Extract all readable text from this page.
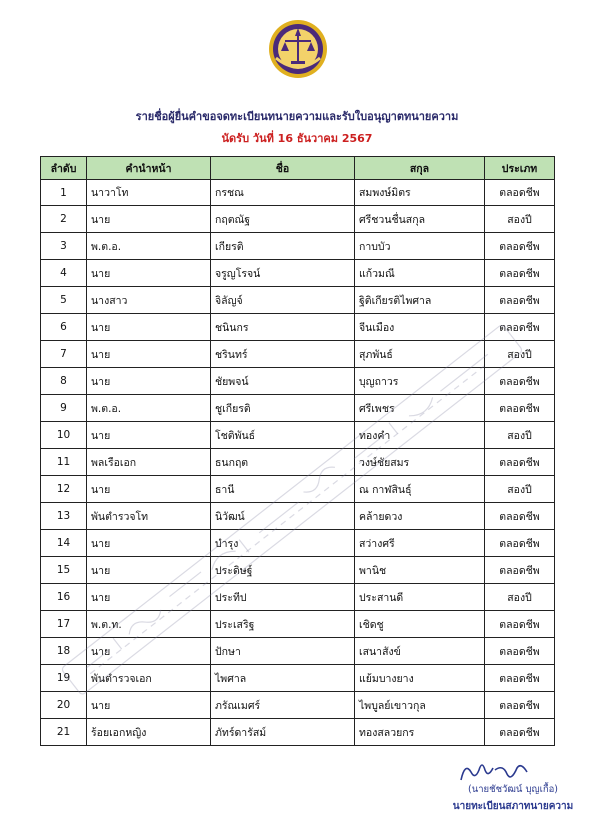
รายชื่อผู้ยื่นคำขอจดทะเบียนทนายความและรับใบอนุญาตทนายความ
นัดรับ วันที่ 16 ธันวาคม 2567
ลำดับ	คำนำหน้า	ชื่อ	สกุล	ประเภท
1	นาวาโท	กรชณ	สมพงษ์มิตร	ตลอดชีพ
2	นาย	กฤตณัฐ	ศรีชวนชื่นสกุล	สองปี
3	พ.ต.อ.	เกียรติ	กาบบัว	ตลอดชีพ
4	นาย	จรูญโรจน์	แก้วมณี	ตลอดชีพ
5	นางสาว	จิลัญจ์	ฐิติเกียรติไพศาล	ตลอดชีพ
6	นาย	ชนินกร	จีนเมือง	ตลอดชีพ
7	นาย	ชรินทร์	สุภพันธ์	สองปี
8	นาย	ชัยพจน์	บุญถาวร	ตลอดชีพ
9	พ.ต.อ.	ชูเกียรติ	ศรีเพชร	ตลอดชีพ
10	นาย	โชติพันธ์	ทองคำ	สองปี
11	พลเรือเอก	ธนกฤต	วงษ์ชัยสมร	ตลอดชีพ
12	นาย	ธานี	ณ กาฬสินธุ์	สองปี
13	พันตำรวจโท	นิวัฒน์	คล้ายดวง	ตลอดชีพ
14	นาย	บำรุง	สว่างศรี	ตลอดชีพ
15	นาย	ประดิษฐ์	พานิช	ตลอดชีพ
16	นาย	ประทีป	ประสานดี	สองปี
17	พ.ต.ท.	ประเสริฐ	เชิดชู	ตลอดชีพ
18	นาย	ปักษา	เสนาสังข์	ตลอดชีพ
19	พันตำรวจเอก	ไพศาล	แย้มบางยาง	ตลอดชีพ
20	นาย	ภรัณเมศร์	ไพบูลย์เขาวกุล	ตลอดชีพ
21	ร้อยเอกหญิง	ภัทร์ดารัสม์	ทองสลวยกร	ตลอดชีพ
(นายชัชวัฒน์ บุญเกื้อ)
นายทะเบียนสภาทนายความ
